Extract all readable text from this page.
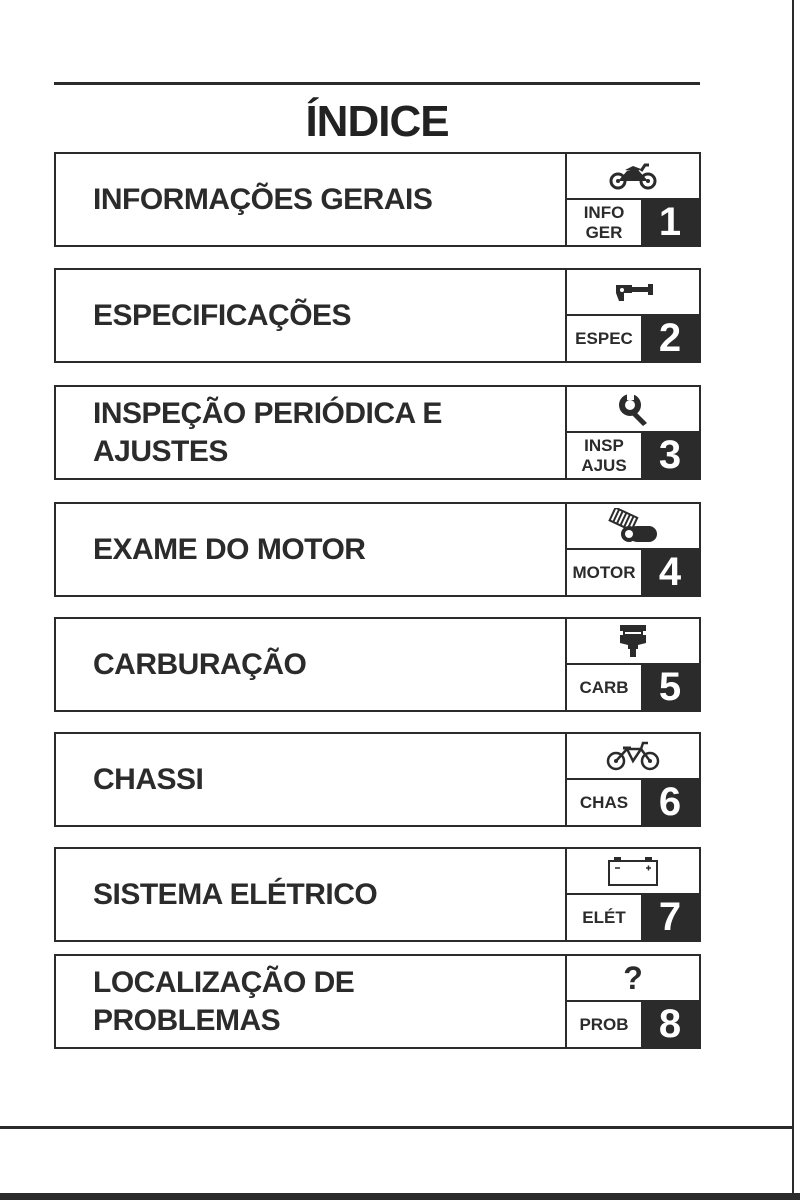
ÍNDICE
INFORMAÇÕES GERAIS	INFO
GER 1
ESPECIFICAÇÕES
ESPEC 2
INSPEÇÃO PERIÓDICA E
AJUSTES	INSP
AJUS 3
EXAME DO MOTOR
MOTOR 4
CARBURAÇÃO
CARB 5
CHASSI
CHAS 6
SISTEMA ELÉTRICO
ELÉT 7
LOCALIZAÇÃO DE
PROBLEMAS
?
PROB 8
